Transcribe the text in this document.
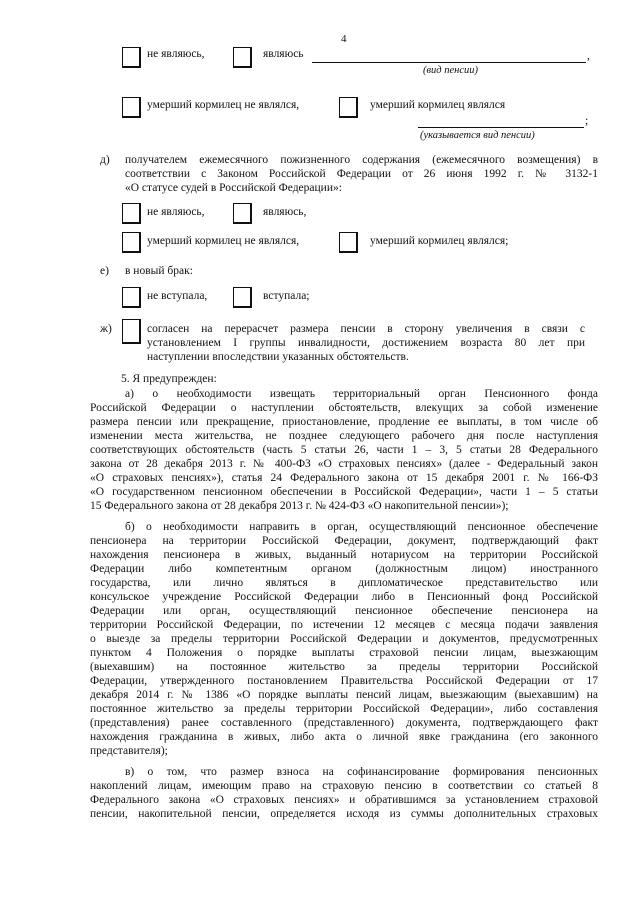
4
не являюсь,	являюсь	,
(вид пенсии)
умерший кормилец не являлся,	умерший кормилец являлся
;
(указывается вид пенсии)
д) получателем ежемесячного пожизненного содержания (ежемесячного возмещения) в
соответствии с Законом Российской Федерации от 26 июня 1992 г. № 3132-1
«О статусе судей в Российской Федерации»:
не являюсь,	являюсь,
умерший кормилец не являлся,	умерший кормилец являлся;
е) в новый брак:
не вступала,	вступала;
ж)	согласен на перерасчет размера пенсии в сторону увеличения в связи с
установлением I группы инвалидности, достижением возраста 80 лет при
наступлении впоследствии указанных обстоятельств.
5. Я предупрежден:
а) о необходимости извещать территориальный орган Пенсионного фонда
Российской Федерации о наступлении обстоятельств, влекущих за собой изменение
размера пенсии или прекращение, приостановление, продление ее выплаты, в том числе об
изменении места жительства, не позднее следующего рабочего дня после наступления
соответствующих обстоятельств (часть 5 статьи 26, части 1 – 3, 5 статьи 28 Федерального
закона от 28 декабря 2013 г. № 400-ФЗ «О страховых пенсиях» (далее - Федеральный закон
«О страховых пенсиях»), статья 24 Федерального закона от 15 декабря 2001 г. № 166-ФЗ
«О государственном пенсионном обеспечении в Российской Федерации», части 1 – 5 статьи
15 Федерального закона от 28 декабря 2013 г. № 424-ФЗ «О накопительной пенсии»);
б) о необходимости направить в орган, осуществляющий пенсионное обеспечение
пенсионера на территории Российской Федерации, документ, подтверждающий факт
нахождения пенсионера в живых, выданный нотариусом на территории Российской
Федерации либо компетентным органом (должностным лицом) иностранного
государства, или лично являться в дипломатическое представительство или
консульское учреждение Российской Федерации либо в Пенсионный фонд Российской
Федерации или орган, осуществляющий пенсионное обеспечение пенсионера на
территории Российской Федерации, по истечении 12 месяцев с месяца подачи заявления
о выезде за пределы территории Российской Федерации и документов, предусмотренных
пунктом 4 Положения о порядке выплаты страховой пенсии лицам, выезжающим
(выехавшим) на постоянное жительство за пределы территории Российской
Федерации, утвержденного постановлением Правительства Российской Федерации от 17
декабря 2014 г. № 1386 «О порядке выплаты пенсий лицам, выезжающим (выехавшим) на
постоянное жительство за пределы территории Российской Федерации», либо составления
(представления) ранее составленного (представленного) документа, подтверждающего факт
нахождения гражданина в живых, либо акта о личной явке гражданина (его законного
представителя);
в) о том, что размер взноса на софинансирование формирования пенсионных
накоплений лицам, имеющим право на страховую пенсию в соответствии со статьей 8
Федерального закона «О страховых пенсиях» и обратившимся за установлением страховой
пенсии, накопительной пенсии, определяется исходя из суммы дополнительных страховых
